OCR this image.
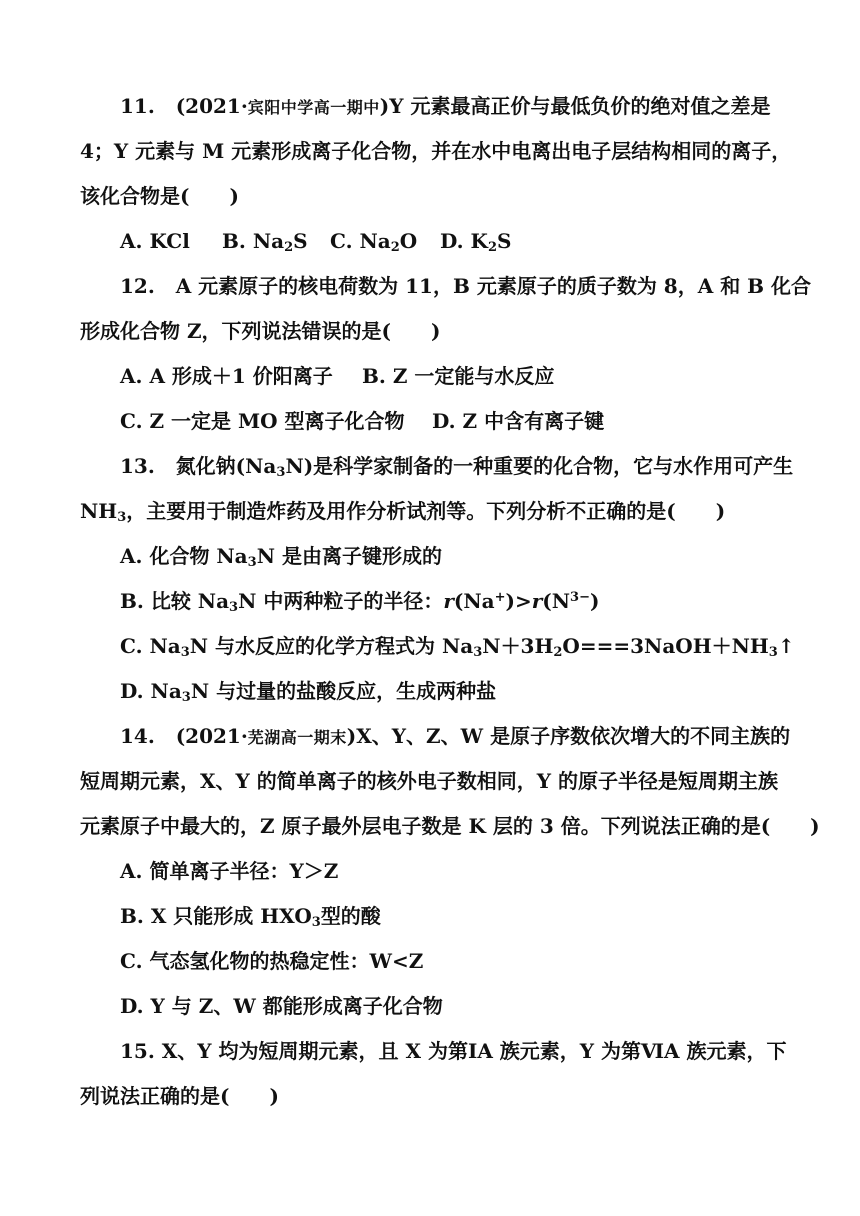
11. (2021·宾阳中学高一期中)Y 元素最高正价与最低负价的绝对值之差是
4；Y 元素与 M 元素形成离子化合物，并在水中电离出电子层结构相同的离子，
该化合物是(　　)
A. KCl B. $Na_2S$ C. $Na_2O$ D. $K_2S$
12. A 元素原子的核电荷数为 11，B 元素原子的质子数为 8，A 和 B 化合
形成化合物 Z，下列说法错误的是(　　)
A. A 形成＋1 价阳离子 B. Z 一定能与水反应
C. Z 一定是 MO 型离子化合物 D. Z 中含有离子键
13. 氮化钠$(Na_3N)$是科学家制备的一种重要的化合物，它与水作用可产生
$NH_3$，主要用于制造炸药及用作分析试剂等。下列分析不正确的是(　　)
A. 化合物 $Na_3N$ 是由离子键形成的
B. 比较 $Na_3N$ 中两种粒子的半径：$r(Na^+)>r(N^{3-})$
C. $Na_3N$ 与水反应的化学方程式为 $Na_3N+3H_2O===3NaOH+NH_3↑$
D. $Na_3N$ 与过量的盐酸反应，生成两种盐
14. (2021·芜湖高一期末)X、Y、Z、W 是原子序数依次增大的不同主族的
短周期元素，X、Y 的简单离子的核外电子数相同，Y 的原子半径是短周期主族
元素原子中最大的，Z 原子最外层电子数是 K 层的 3 倍。下列说法正确的是(　　)
A. 简单离子半径：Y＞Z
B. X 只能形成 $HXO_3$型的酸
C. 气态氢化物的热稳定性：W<Z
D. Y 与 Z、W 都能形成离子化合物
15. X、Y 均为短周期元素，且 X 为第ⅠA 族元素，Y 为第ⅥA 族元素，下
列说法正确的是(　　)
